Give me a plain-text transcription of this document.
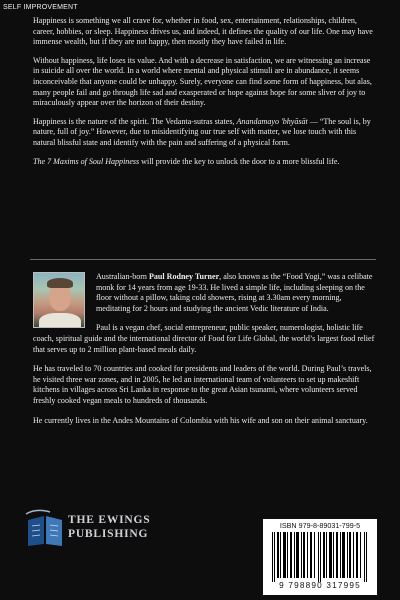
SELF IMPROVEMENT

Happiness is something we all crave for, whether in food, sex, entertainment, relationships, children, career, hobbies, or sleep. Happiness drives us, and indeed, it defines the quality of our life. One may have immense wealth, but if they are not happy, then mostly they have failed in life.

Without happiness, life loses its value. And with a decrease in satisfaction, we are witnessing an increase in suicide all over the world. In a world where mental and physical stimuli are in abundance, it seems inconceivable that anyone could be unhappy. Surely, everyone can find some form of happiness, but alas, many people fail and go through life sad and exasperated or hope against hope for some sliver of joy to miraculously appear over the horizon of their destiny.

Happiness is the nature of the spirit. The Vedanta-sutras states, Anandamayo 'bhyāsāt — “The soul is, by nature, full of joy.” However, due to misidentifying our true self with matter, we lose touch with this natural blissful state and identify with the pain and suffering of a physical form.

The 7 Maxims of Soul Happiness will provide the key to unlock the door to a more blissful life.

Australian-born Paul Rodney Turner, also known as the “Food Yogi,” was a celibate monk for 14 years from age 19-33. He lived a simple life, including sleeping on the floor without a pillow, taking cold showers, rising at 3.30am every morning, meditating for 2 hours and studying the ancient Vedic literature of India.

Paul is a vegan chef, social entrepreneur, public speaker, numerologist, holistic life coach, spiritual guide and the international director of Food for Life Global, the world’s largest food relief that serves up to 2 million plant-based meals daily.

He has traveled to 70 countries and cooked for presidents and leaders of the world. During Paul’s travels, he visited three war zones, and in 2005, he led an international team of volunteers to set up makeshift kitchens in villages across Sri Lanka in response to the great Asian tsunami, where volunteers served freshly cooked vegan meals to hundreds of thousands.

He currently lives in the Andes Mountains of Colombia with his wife and son on their animal sanctuary.

THE EWINGS
PUBLISHING
ISBN 979-8-89031-799-5
9 798890 317995
